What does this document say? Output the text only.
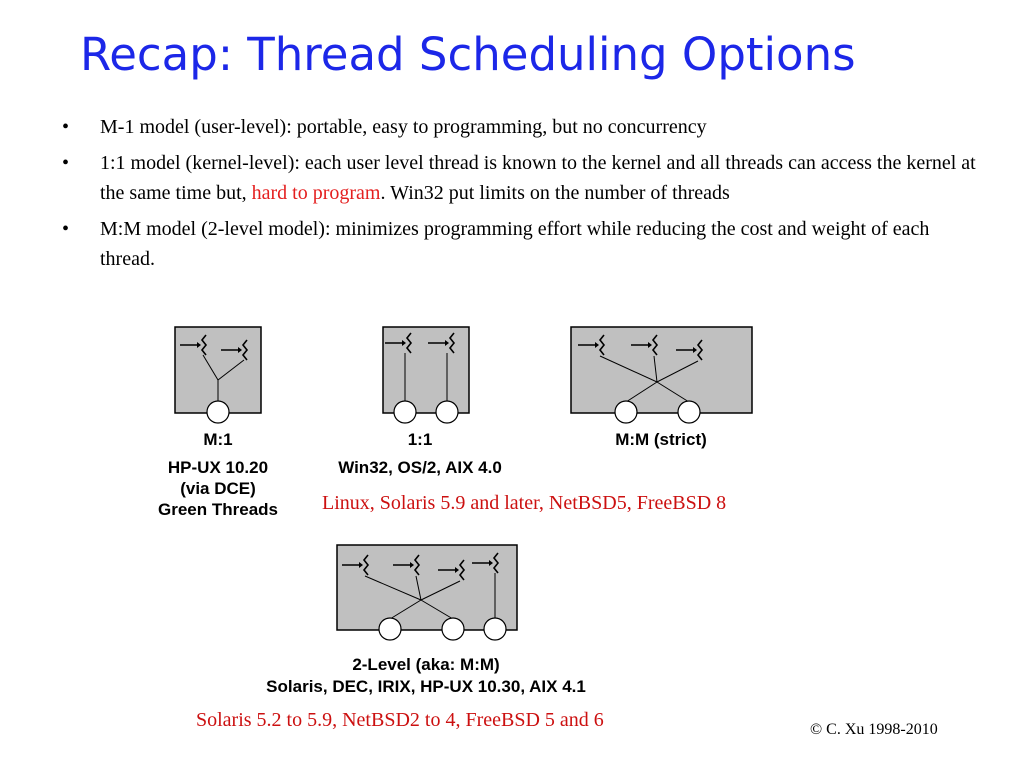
Recap: Thread Scheduling Options
• M-1 model (user-level): portable, easy to programming, but no concurrency
• 1:1 model (kernel-level): each user level thread is known to the kernel and all threads can access the kernel at the same time but, hard to program. Win32 put limits on the number of threads
• M:M model (2-level model): minimizes programming effort while reducing the cost and weight of each thread.
M:1
HP-UX 10.20
(via DCE)
Green Threads
1:1
Win32, OS/2, AIX 4.0
M:M (strict)
2-Level (aka: M:M)
Solaris, DEC, IRIX, HP-UX 10.30, AIX 4.1
Linux, Solaris 5.9 and later, NetBSD5, FreeBSD 8
Solaris 5.2 to 5.9, NetBSD2 to 4, FreeBSD 5 and 6	© C. Xu 1998-2010
